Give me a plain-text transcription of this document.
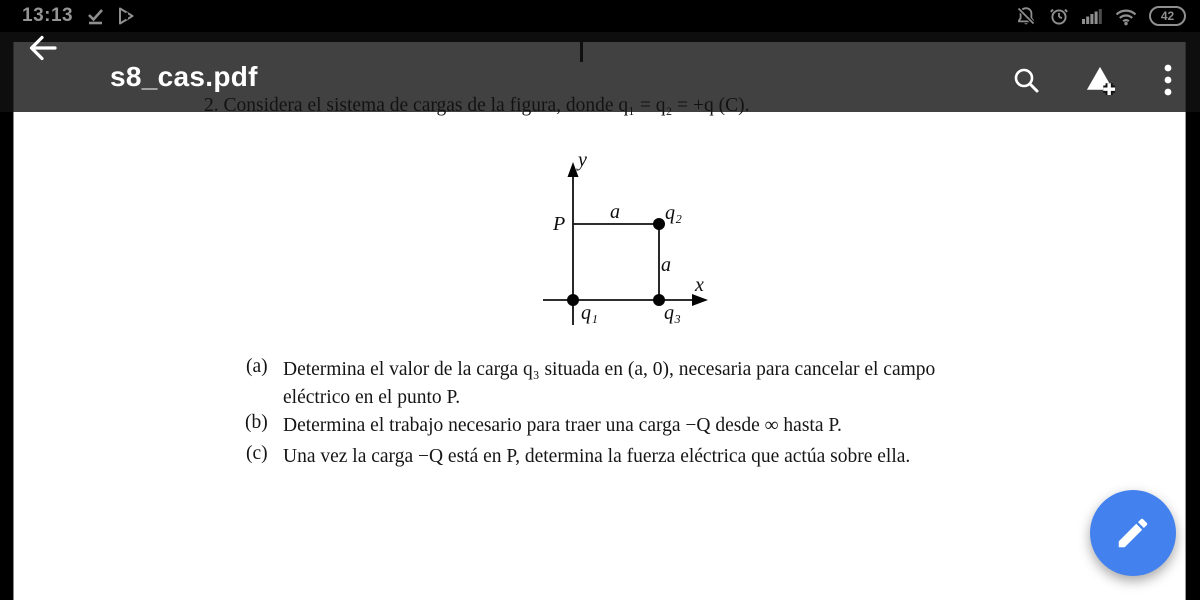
y
x
P
a
a
q₁
q₂
q₃
(a) Determina el valor de la carga q₃ situada en (a, 0), necesaria para cancelar el campo
eléctrico en el punto P.
(b) Determina el trabajo necesario para traer una carga −Q desde ∞ hasta P.
(c) Una vez la carga −Q está en P, determina la fuerza eléctrica que actúa sobre ella.
s8_cas.pdf
13:13	42
